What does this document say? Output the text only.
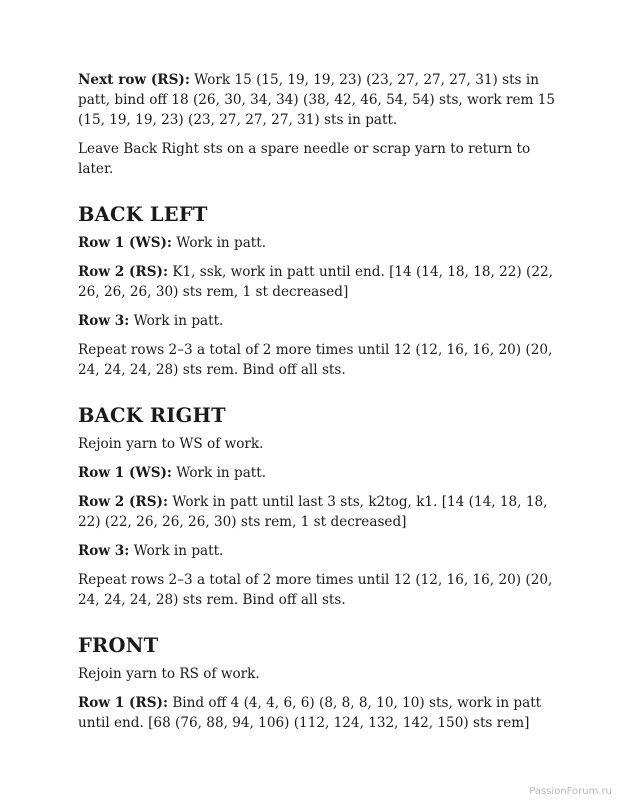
Next row (RS): Work 15 (15, 19, 19, 23) (23, 27, 27, 27, 31) sts in patt, bind off 18 (26, 30, 34, 34) (38, 42, 46, 54, 54) sts, work rem 15 (15, 19, 19, 23) (23, 27, 27, 27, 31) sts in patt.

Leave Back Right sts on a spare needle or scrap yarn to return to later.

BACK LEFT

Row 1 (WS): Work in patt.

Row 2 (RS): K1, ssk, work in patt until end. [14 (14, 18, 18, 22) (22, 26, 26, 26, 30) sts rem, 1 st decreased]

Row 3: Work in patt.

Repeat rows 2–3 a total of 2 more times until 12 (12, 16, 16, 20) (20, 24, 24, 24, 28) sts rem. Bind off all sts.

BACK RIGHT

Rejoin yarn to WS of work.

Row 1 (WS): Work in patt.

Row 2 (RS): Work in patt until last 3 sts, k2tog, k1. [14 (14, 18, 18, 22) (22, 26, 26, 26, 30) sts rem, 1 st decreased]

Row 3: Work in patt.

Repeat rows 2–3 a total of 2 more times until 12 (12, 16, 16, 20) (20, 24, 24, 24, 28) sts rem. Bind off all sts.

FRONT

Rejoin yarn to RS of work.

Row 1 (RS): Bind off 4 (4, 4, 6, 6) (8, 8, 8, 10, 10) sts, work in patt until end. [68 (76, 88, 94, 106) (112, 124, 132, 142, 150) sts rem]

PassionForum.ru
